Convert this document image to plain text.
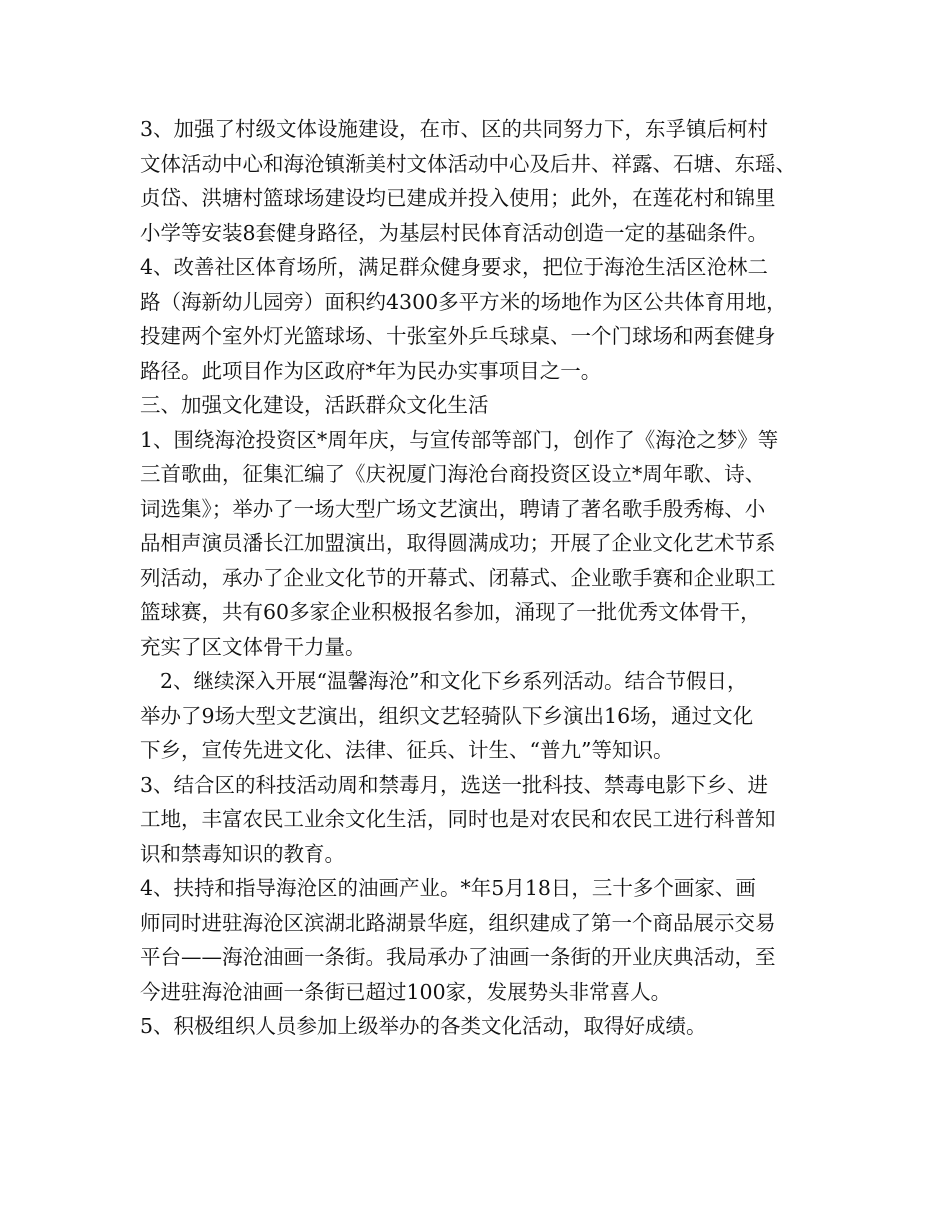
3、加强了村级文体设施建设，在市、区的共同努力下，东孚镇后柯村
文体活动中心和海沧镇渐美村文体活动中心及后井、祥露、石塘、东瑶、
贞岱、洪塘村篮球场建设均已建成并投入使用；此外，在莲花村和锦里
小学等安装8套健身路径，为基层村民体育活动创造一定的基础条件。
4、改善社区体育场所，满足群众健身要求，把位于海沧生活区沧林二
路（海新幼儿园旁）面积约4300多平方米的场地作为区公共体育用地，
投建两个室外灯光篮球场、十张室外乒乓球桌、一个门球场和两套健身
路径。此项目作为区政府*年为民办实事项目之一。
三、加强文化建设，活跃群众文化生活
1、围绕海沧投资区*周年庆，与宣传部等部门，创作了《海沧之梦》等
三首歌曲，征集汇编了《庆祝厦门海沧台商投资区设立*周年歌、诗、
词选集》；举办了一场大型广场文艺演出，聘请了著名歌手殷秀梅、小
品相声演员潘长江加盟演出，取得圆满成功；开展了企业文化艺术节系
列活动，承办了企业文化节的开幕式、闭幕式、企业歌手赛和企业职工
篮球赛，共有60多家企业积极报名参加，涌现了一批优秀文体骨干，
充实了区文体骨干力量。
2、继续深入开展“温馨海沧”和文化下乡系列活动。结合节假日，
举办了9场大型文艺演出，组织文艺轻骑队下乡演出16场，通过文化
下乡，宣传先进文化、法律、征兵、计生、“普九”等知识。
3、结合区的科技活动周和禁毒月，选送一批科技、禁毒电影下乡、进
工地，丰富农民工业余文化生活，同时也是对农民和农民工进行科普知
识和禁毒知识的教育。
4、扶持和指导海沧区的油画产业。*年5月18日，三十多个画家、画
师同时进驻海沧区滨湖北路湖景华庭，组织建成了第一个商品展示交易
平台——海沧油画一条街。我局承办了油画一条街的开业庆典活动，至
今进驻海沧油画一条街已超过100家，发展势头非常喜人。
5、积极组织人员参加上级举办的各类文化活动，取得好成绩。
